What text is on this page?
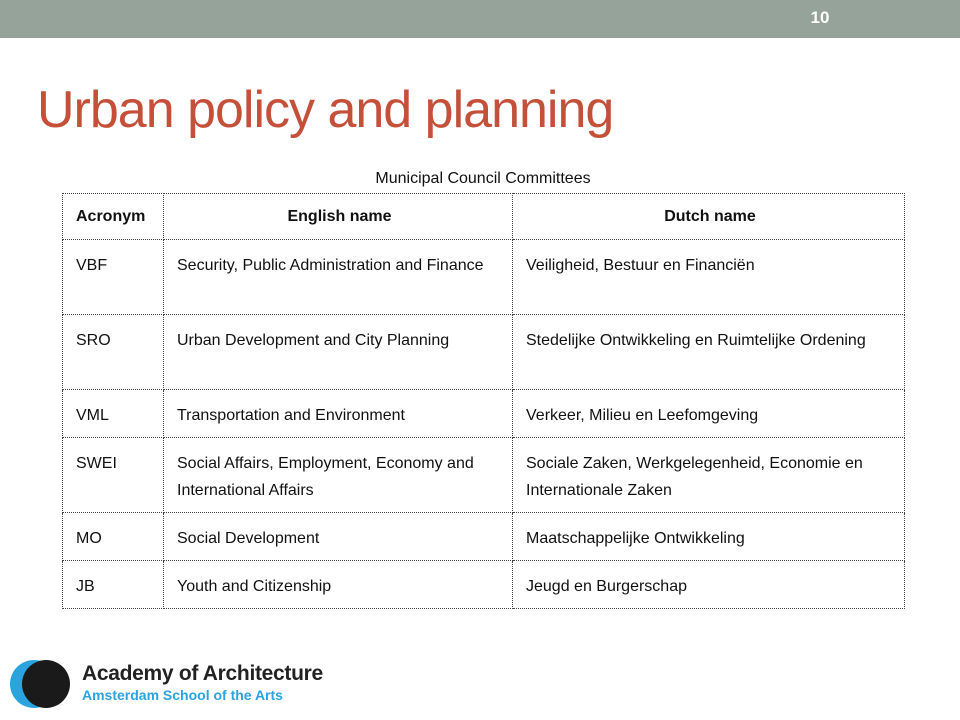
10
Urban policy and planning
Municipal Council Committees
Acronym	English name	Dutch name
VBF	Security, Public Administration and Finance	Veiligheid, Bestuur en Financiën
SRO	Urban Development and City Planning	Stedelijke Ontwikkeling en Ruimtelijke Ordening
VML	Transportation and Environment	Verkeer, Milieu en Leefomgeving
SWEI	Social Affairs, Employment, Economy and International Affairs	Sociale Zaken, Werkgelegenheid, Economie en Internationale Zaken
MO	Social Development	Maatschappelijke Ontwikkeling
JB	Youth and Citizenship	Jeugd en Burgerschap
Academy of Architecture
Amsterdam School of the Arts
